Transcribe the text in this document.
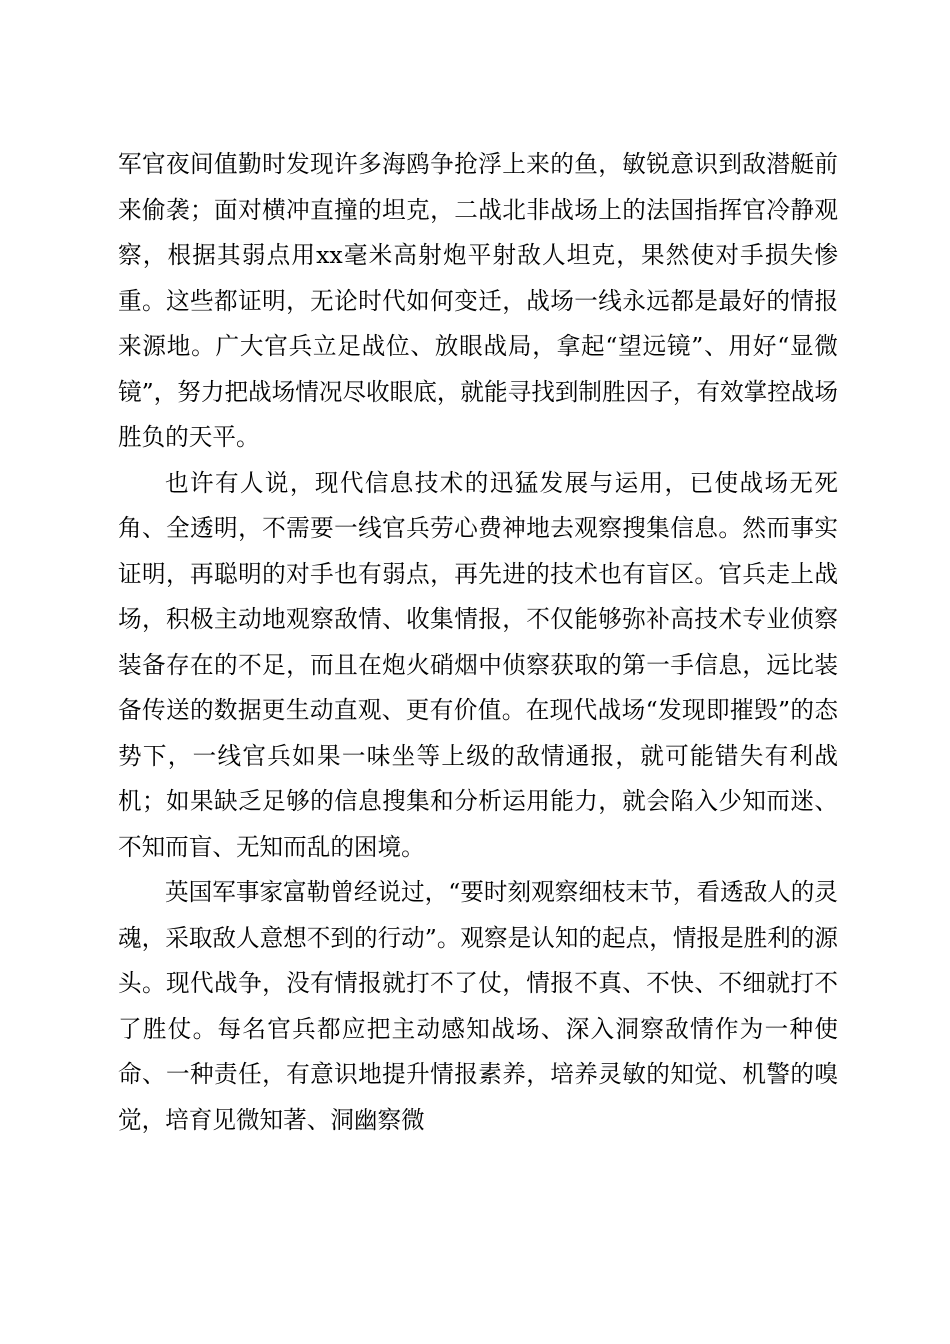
军官夜间值勤时发现许多海鸥争抢浮上来的鱼，敏锐意识到敌潜艇前来偷袭；面对横冲直撞的坦克，二战北非战场上的法国指挥官冷静观察，根据其弱点用xx毫米高射炮平射敌人坦克，果然使对手损失惨重。这些都证明，无论时代如何变迁，战场一线永远都是最好的情报来源地。广大官兵立足战位、放眼战局，拿起“望远镜”、用好“显微镜”，努力把战场情况尽收眼底，就能寻找到制胜因子，有效掌控战场胜负的天平。

也许有人说，现代信息技术的迅猛发展与运用，已使战场无死角、全透明，不需要一线官兵劳心费神地去观察搜集信息。然而事实证明，再聪明的对手也有弱点，再先进的技术也有盲区。官兵走上战场，积极主动地观察敌情、收集情报，不仅能够弥补高技术专业侦察装备存在的不足，而且在炮火硝烟中侦察获取的第一手信息，远比装备传送的数据更生动直观、更有价值。在现代战场“发现即摧毁”的态势下，一线官兵如果一味坐等上级的敌情通报，就可能错失有利战机；如果缺乏足够的信息搜集和分析运用能力，就会陷入少知而迷、不知而盲、无知而乱的困境。

英国军事家富勒曾经说过，“要时刻观察细枝末节，看透敌人的灵魂，采取敌人意想不到的行动”。观察是认知的起点，情报是胜利的源头。现代战争，没有情报就打不了仗，情报不真、不快、不细就打不了胜仗。每名官兵都应把主动感知战场、深入洞察敌情作为一种使命、一种责任，有意识地提升情报素养，培养灵敏的知觉、机警的嗅觉，培育见微知著、洞幽察微
